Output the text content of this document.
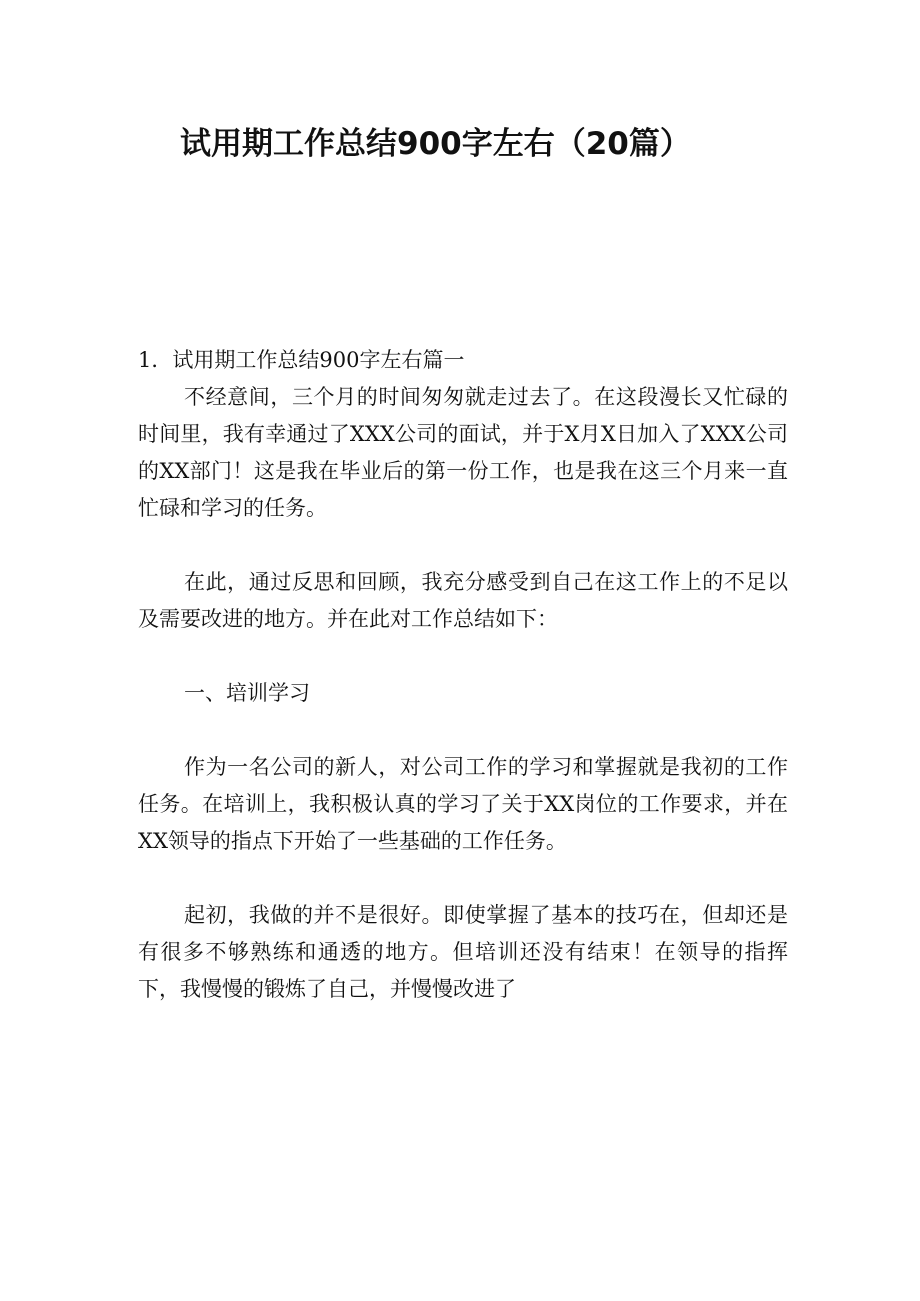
试用期工作总结900字左右（20篇）
1．试用期工作总结900字左右篇一

不经意间，三个月的时间匆匆就走过去了。在这段漫长又忙碌的时间里，我有幸通过了XXX公司的面试，并于X月X日加入了XXX公司的XX部门！这是我在毕业后的第一份工作，也是我在这三个月来一直忙碌和学习的任务。

在此，通过反思和回顾，我充分感受到自己在这工作上的不足以及需要改进的地方。并在此对工作总结如下：

一、培训学习

作为一名公司的新人，对公司工作的学习和掌握就是我初的工作任务。在培训上，我积极认真的学习了关于XX岗位的工作要求，并在XX领导的指点下开始了一些基础的工作任务。

起初，我做的并不是很好。即使掌握了基本的技巧在，但却还是有很多不够熟练和通透的地方。但培训还没有结束！在领导的指挥下，我慢慢的锻炼了自己，并慢慢改进了
